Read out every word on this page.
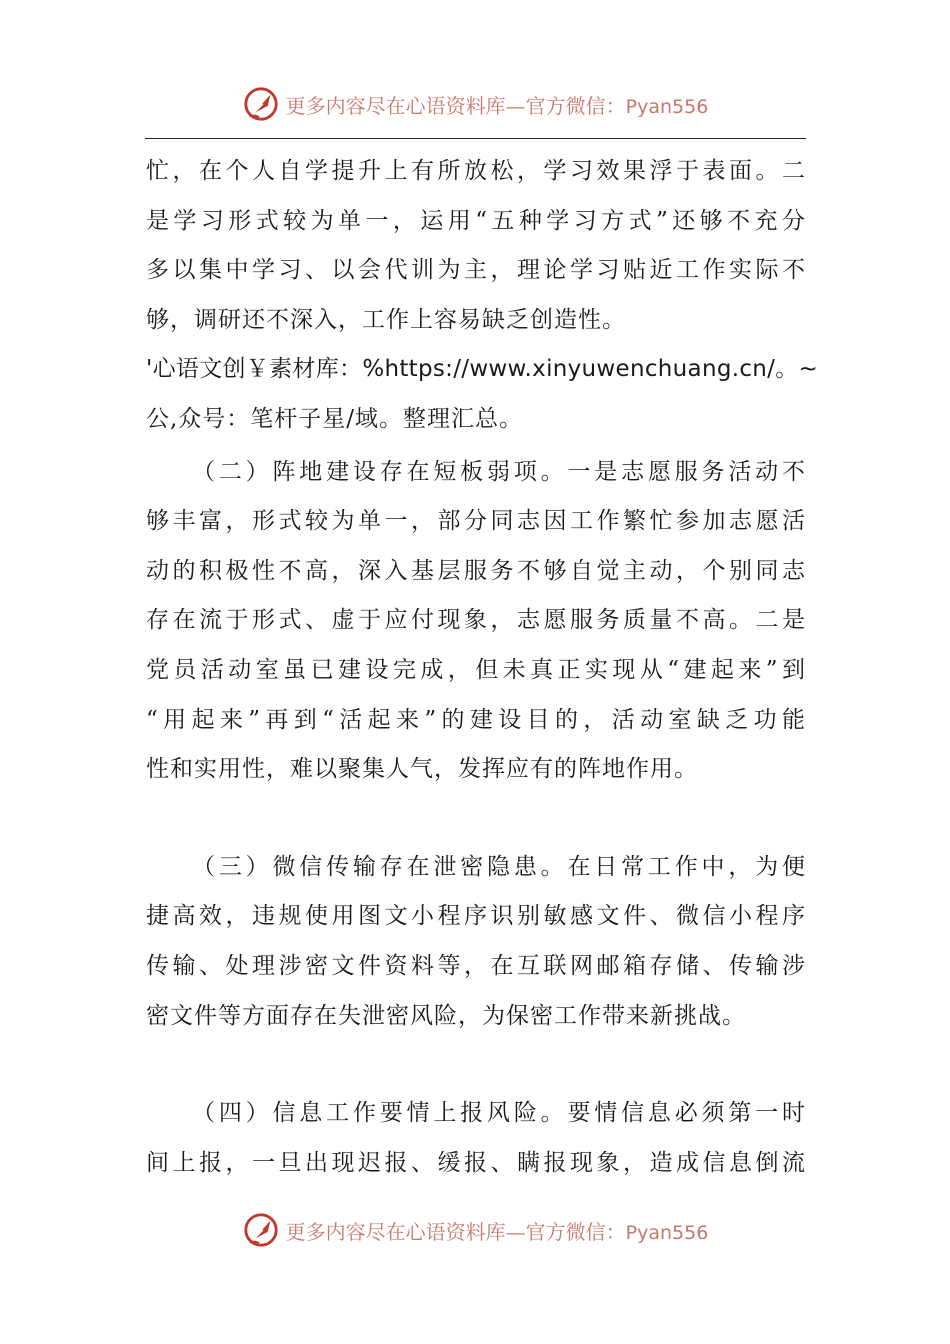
更多内容尽在心语资料库—官方微信：Pyan556
忙，在个人自学提升上有所放松，学习效果浮于表面。二
是学习形式较为单一，运用“五种学习方式”还够不充分
多以集中学习、以会代训为主，理论学习贴近工作实际不
够，调研还不深入，工作上容易缺乏创造性。
'心语文创￥素材库：%https://www.xinyuwenchuang.cn/。~
公,众号：笔杆子星/域。整理汇总。
（二）阵地建设存在短板弱项。一是志愿服务活动不
够丰富，形式较为单一，部分同志因工作繁忙参加志愿活
动的积极性不高，深入基层服务不够自觉主动，个别同志
存在流于形式、虚于应付现象，志愿服务质量不高。二是
党员活动室虽已建设完成，但未真正实现从“建起来”到
“用起来”再到“活起来”的建设目的，活动室缺乏功能
性和实用性，难以聚集人气，发挥应有的阵地作用。
（三）微信传输存在泄密隐患。在日常工作中，为便
捷高效，违规使用图文小程序识别敏感文件、微信小程序
传输、处理涉密文件资料等，在互联网邮箱存储、传输涉
密文件等方面存在失泄密风险，为保密工作带来新挑战。
（四）信息工作要情上报风险。要情信息必须第一时
间上报，一旦出现迟报、缓报、瞒报现象，造成信息倒流
更多内容尽在心语资料库—官方微信：Pyan556
